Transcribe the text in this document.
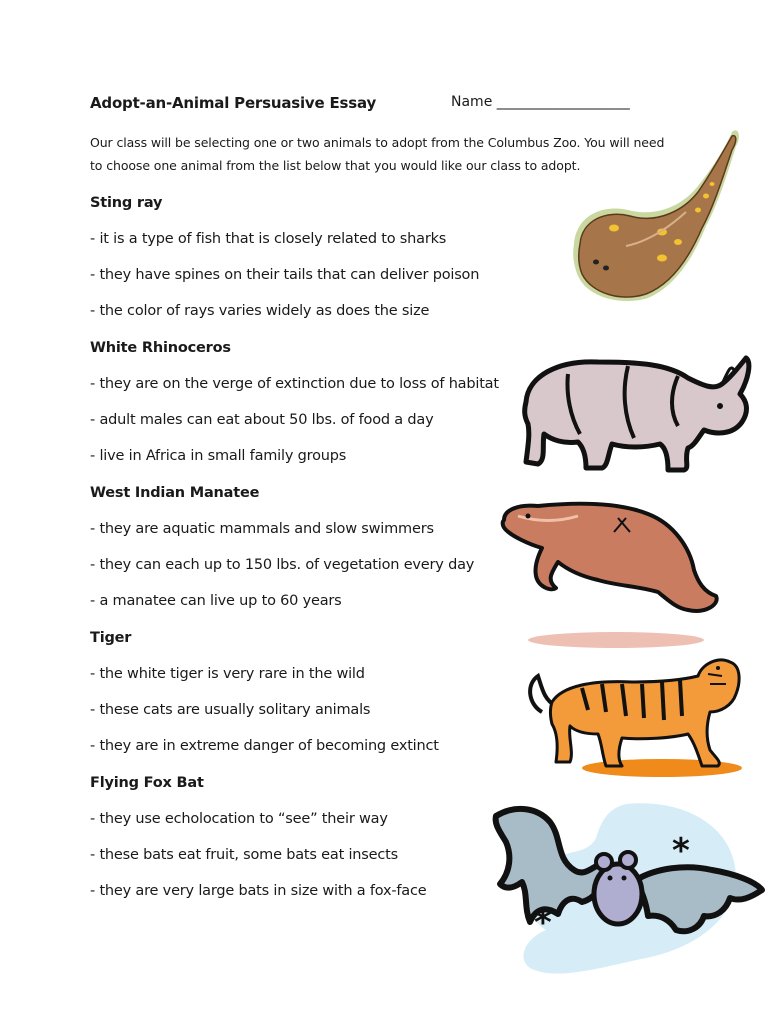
Adopt-an-Animal Persuasive Essay	Name ___________________
Our class will be selecting one or two animals to adopt from the Columbus Zoo. You will need to choose one animal from the list below that you would like our class to adopt.
Sting ray
- it is a type of fish that is closely related to sharks
- they have spines on their tails that can deliver poison
- the color of rays varies widely as does the size
White Rhinoceros
- they are on the verge of extinction due to loss of habitat
- adult males can eat about 50 lbs. of food a day
- live in Africa in small family groups
West Indian Manatee
- they are aquatic mammals and slow swimmers
- they can each up to 150 lbs. of vegetation every day
- a manatee can live up to 60 years
Tiger
- the white tiger is very rare in the wild
- these cats are usually solitary animals
- they are in extreme danger of becoming extinct
Flying Fox Bat
- they use echolocation to “see” their way
- these bats eat fruit, some bats eat insects
- they are very large bats in size with a fox-face
*
*
